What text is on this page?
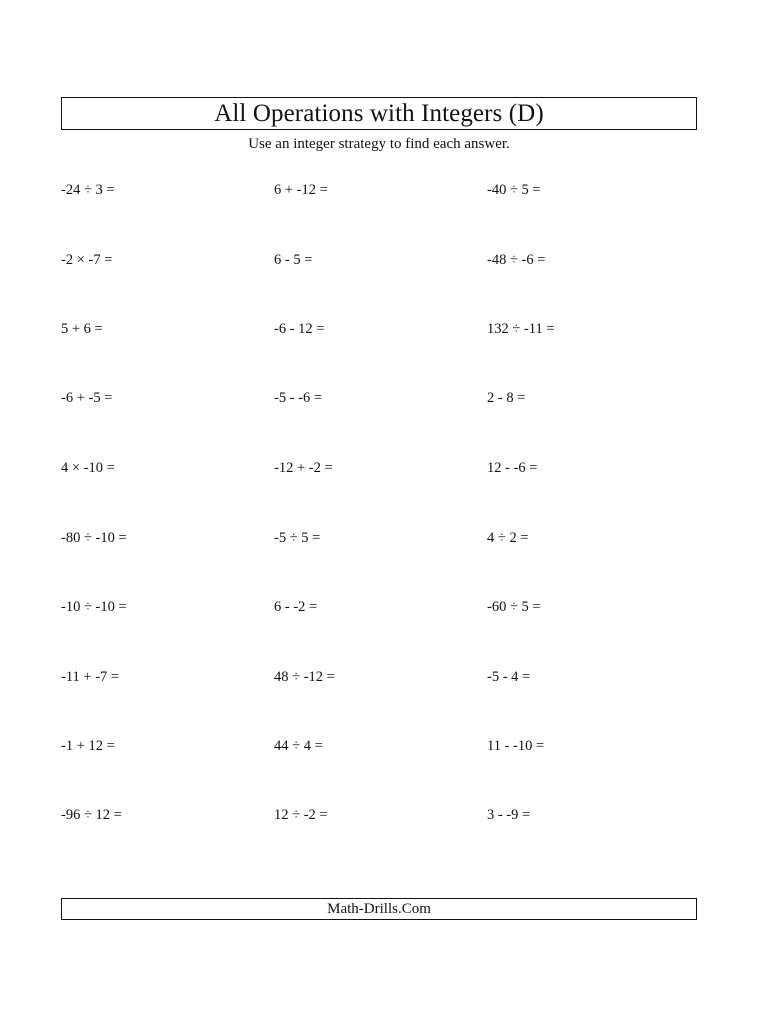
All Operations with Integers (D)
Use an integer strategy to find each answer.
-24 ÷ 3 =	6 + -12 =	-40 ÷ 5 =
-2 × -7 =	6 - 5 =	-48 ÷ -6 =
5 + 6 =	-6 - 12 =	132 ÷ -11 =
-6 + -5 =	-5 - -6 =	2 - 8 =
4 × -10 =	-12 + -2 =	12 - -6 =
-80 ÷ -10 =	-5 ÷ 5 =	4 ÷ 2 =
-10 ÷ -10 =	6 - -2 =	-60 ÷ 5 =
-11 + -7 =	48 ÷ -12 =	-5 - 4 =
-1 + 12 =	44 ÷ 4 =	11 - -10 =
-96 ÷ 12 =	12 ÷ -2 =	3 - -9 =
Math-Drills.Com
